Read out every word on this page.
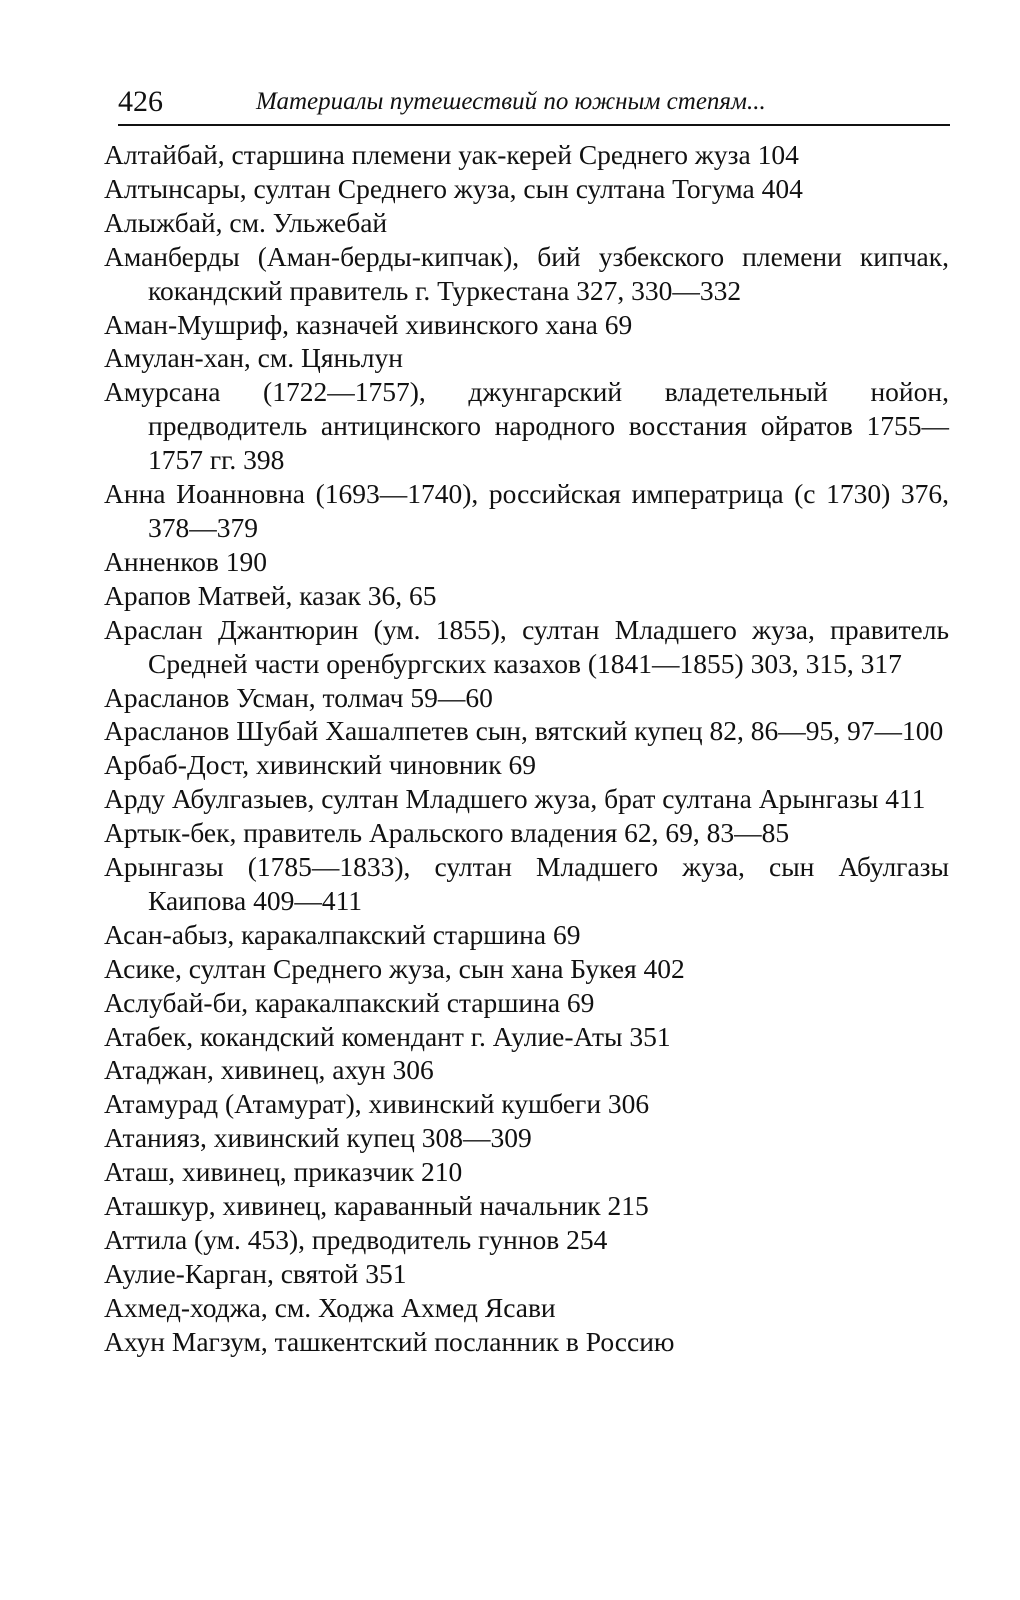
426	Материалы путешествий по южным степям...
Алтайбай, старшина племени уак-керей Среднего жуза 104
Алтынсары, султан Среднего жуза, сын султана Тогума 404
Алыжбай, см. Ульжебай
Аманберды (Аман-берды-кипчак), бий узбекского племени кипчак, кокандский правитель г. Туркестана 327, 330—332
Аман-Мушриф, казначей хивинского хана 69
Амулан-хан, см. Цяньлун
Амурсана (1722—1757), джунгарский владетельный нойон, предводитель антицинского народного восстания ойратов 1755—1757 гг. 398
Анна Иоанновна (1693—1740), российская императрица (с 1730) 376, 378—379
Анненков 190
Арапов Матвей, казак 36, 65
Араслан Джантюрин (ум. 1855), султан Младшего жуза, правитель Средней части оренбургских казахов (1841—1855) 303, 315, 317
Арасланов Усман, толмач 59—60
Арасланов Шубай Хашалпетев сын, вятский купец 82, 86—95, 97—100
Арбаб-Дост, хивинский чиновник 69
Арду Абулгазыев, султан Младшего жуза, брат султана Арынгазы 411
Артык-бек, правитель Аральского владения 62, 69, 83—85
Арынгазы (1785—1833), султан Младшего жуза, сын Абулгазы Каипова 409—411
Асан-абыз, каракалпакский старшина 69
Асике, султан Среднего жуза, сын хана Букея 402
Аслубай-би, каракалпакский старшина 69
Атабек, кокандский комендант г. Аулие-Аты 351
Атаджан, хивинец, ахун 306
Атамурад (Атамурат), хивинский кушбеги 306
Атанияз, хивинский купец 308—309
Аташ, хивинец, приказчик 210
Аташкур, хивинец, караванный начальник 215
Аттила (ум. 453), предводитель гуннов 254
Аулие-Карган, святой 351
Ахмед-ходжа, см. Ходжа Ахмед Ясави
Ахун Магзум, ташкентский посланник в Россию
